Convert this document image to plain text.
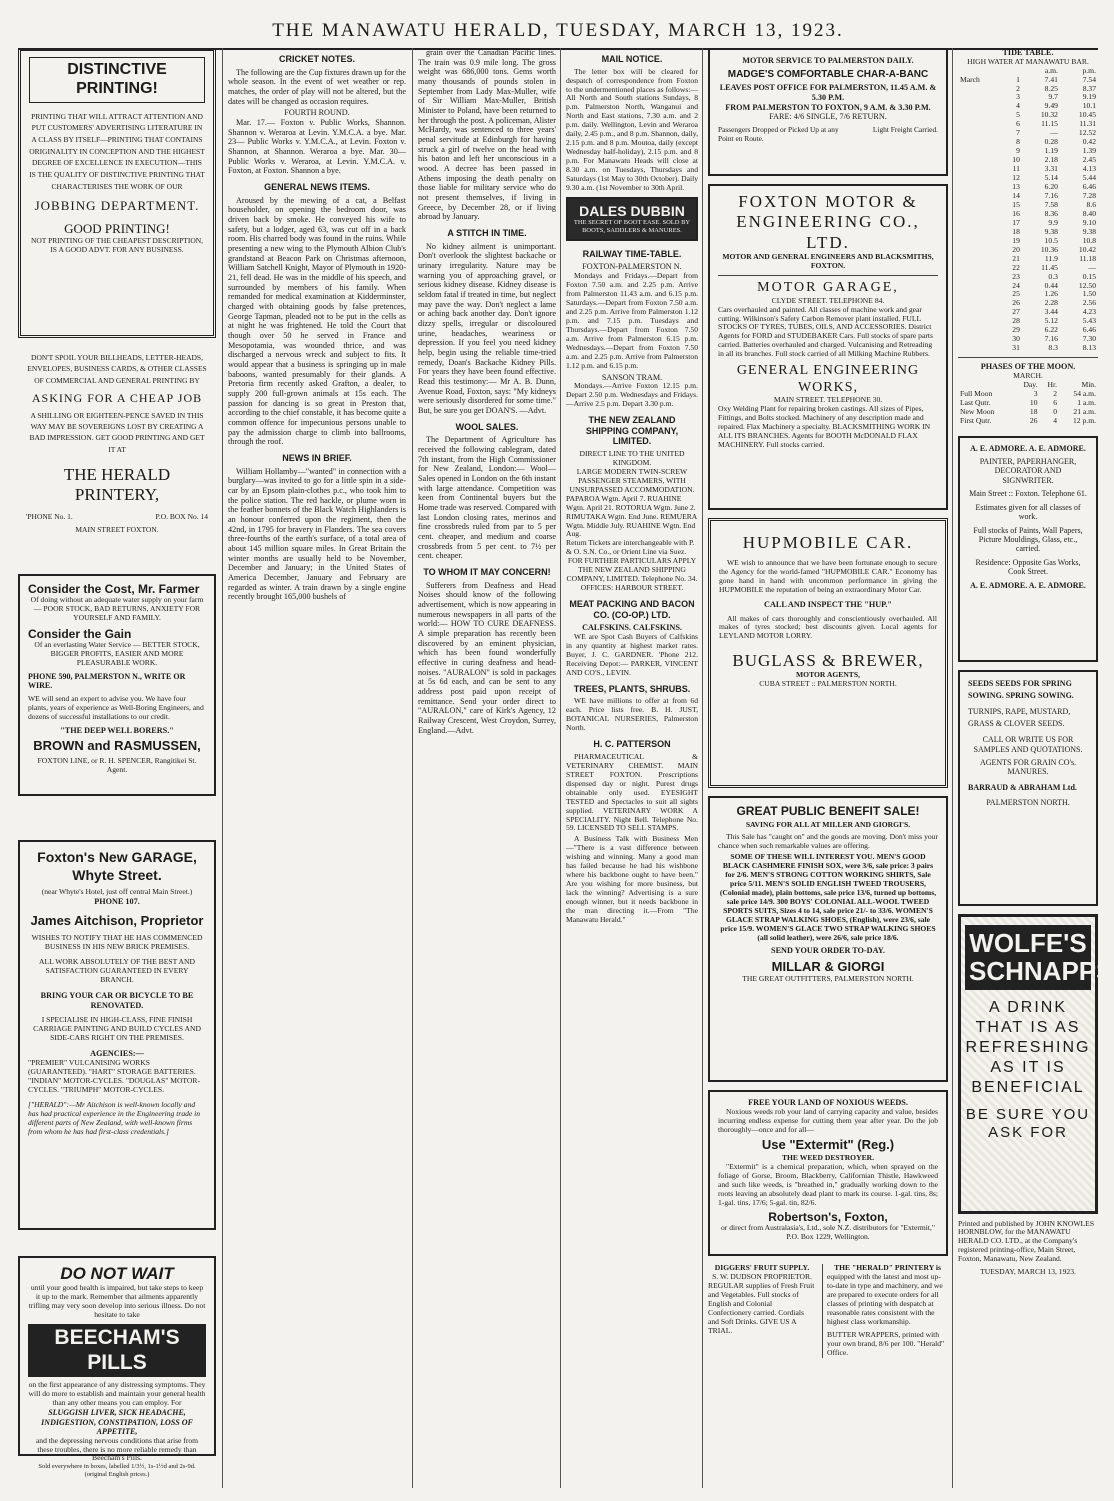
THE MANAWATU HERALD, TUESDAY, MARCH 13, 1923.
DISTINCTIVE PRINTING!
PRINTING THAT WILL ATTRACT ATTENTION AND PUT CUSTOMERS' ADVERTISING LITERATURE IN A CLASS BY ITSELF—PRINTING THAT CONTAINS ORIGINALITY IN CONCEPTION AND THE HIGHEST DEGREE OF EXCELLENCE IN EXECUTION—THIS IS THE QUALITY OF DISTINCTIVE PRINTING THAT CHARACTERISES THE WORK OF OUR
JOBBING DEPARTMENT.
GOOD PRINTING!
NOT PRINTING OF THE CHEAPEST DESCRIPTION, IS A GOOD ADVT. FOR ANY BUSINESS.
DON'T SPOIL YOUR BILLHEADS, LETTER-HEADS, ENVELOPES, BUSINESS CARDS, & OTHER CLASSES OF COMMERCIAL AND GENERAL PRINTING BY
ASKING FOR A CHEAP JOB
A SHILLING OR EIGHTEEN-PENCE SAVED IN THIS WAY MAY BE SOVEREIGNS LOST BY CREATING A BAD IMPRESSION. GET GOOD PRINTING AND GET IT AT
THE HERALD PRINTERY,
'PHONE No. 1.	P.O. BOX No. 14
MAIN STREET FOXTON.
Consider the Cost, Mr. Farmer
Of doing without an adequate water supply on your farm — POOR STOCK, BAD RETURNS, ANXIETY FOR YOURSELF AND FAMILY.
Consider the Gain
Of an everlasting Water Service — BETTER STOCK, BIGGER PROFITS, EASIER AND MORE PLEASURABLE WORK.
PHONE 590, PALMERSTON N., WRITE OR WIRE.
WE will send an expert to advise you. We have four plants, years of experience as Well-Boring Engineers, and dozens of successful installations to our credit.
"THE DEEP WELL BORERS."
BROWN and RASMUSSEN,
FOXTON LINE, or R. H. SPENCER, Rangitikei St. Agent.
Foxton's New GARAGE, Whyte Street.
(near Whyte's Hotel, just off central Main Street.)
PHONE 107.
James Aitchison, Proprietor
WISHES TO NOTIFY THAT HE HAS COMMENCED BUSINESS IN HIS NEW BRICK PREMISES.
ALL WORK ABSOLUTELY OF THE BEST AND SATISFACTION GUARANTEED IN EVERY BRANCH.
BRING YOUR CAR OR BICYCLE TO BE RENOVATED.
I SPECIALISE IN HIGH-CLASS, FINE FINISH CARRIAGE PAINTING AND BUILD CYCLES AND SIDE-CARS RIGHT ON THE PREMISES.
AGENCIES:—
"PREMIER" VULCANISING WORKS (GUARANTEED). "HART" STORAGE BATTERIES. "INDIAN" MOTOR-CYCLES. "DOUGLAS" MOTOR-CYCLES. "TRIUMPH" MOTOR-CYCLES.
["HERALD":—Mr Aitchison is well-known locally and has had practical experience in the Engineering trade in different parts of New Zealand, with well-known firms from whom he has had first-class credentials.]
DO NOT WAIT
until your good health is impaired, but take steps to keep it up to the mark. Remember that ailments apparently trifling may very soon develop into serious illness. Do not hesitate to take
BEECHAM'S PILLS
on the first appearance of any distressing symptoms. They will do more to establish and maintain your general health than any other means you can employ. For
SLUGGISH LIVER, SICK HEADACHE, INDIGESTION, CONSTIPATION, LOSS OF APPETITE,
and the depressing nervous conditions that arise from these troubles, there is no more reliable remedy than Beecham's Pills.
Sold everywhere in boxes, labelled 1/3½, 1s-1½d and 2s-9d. (original English prices.)
CRICKET NOTES.

The following are the Cup fixtures drawn up for the whole season. In the event of wet weather or rep. matches, the order of play will not be altered, but the dates will be changed as occasion requires.

FOURTH ROUND.

Mar. 17.— Foxton v. Public Works, Shannon. Shannon v. Weraroa at Levin. Y.M.C.A. a bye. Mar. 23— Public Works v. Y.M.C.A., at Levin. Foxton v. Shannon, at Shannon. Weraroa a bye. Mar. 30— Public Works v. Weraroa, at Levin. Y.M.C.A. v. Foxton, at Foxton. Shannon a bye.

GENERAL NEWS ITEMS.

Aroused by the mewing of a cat, a Belfast householder, on opening the bedroom door, was driven back by smoke. He conveyed his wife to safety, but a lodger, aged 63, was cut off in a back room. His charred body was found in the ruins. While presenting a new wing to the Plymouth Albion Club's grandstand at Beacon Park on Christmas afternoon, William Satchell Knight, Mayor of Plymouth in 1920-21, fell dead. He was in the middle of his speech, and surrounded by members of his family. When remanded for medical examination at Kidderminster, charged with obtaining goods by false pretences, George Tapman, pleaded not to be put in the cells as at night he was frightened. He told the Court that though over 50 he served in France and Mesopotamia, was wounded thrice, and was discharged a nervous wreck and subject to fits. It would appear that a business is springing up in male baboons, wanted presumably for their glands. A Pretoria firm recently asked Grafton, a dealer, to supply 200 full-grown animals at 15s each. The passion for dancing is so great in Preston that, according to the chief constable, it has become quite a common offence for impecunious persons unable to pay the admission charge to climb into ballrooms, through the roof.

NEWS IN BRIEF.

William Hollamby—"wanted" in connection with a burglary—was invited to go for a little spin in a side-car by an Epsom plain-clothes p.c., who took him to the police station. The red hackle, or plume worn in the feather bonnets of the Black Watch Highlanders is an honour conferred upon the regiment, then the 42nd, in 1795 for bravery in Flanders. The sea covers three-fourths of the earth's surface, of a total area of about 145 million square miles. In Great Britain the winter months are usually held to be November, December and January; in the United States of America December, January and February are regarded as winter. A train drawn by a single engine recently brought 165,000 bushels of

grain over the Canadian Pacific lines. The train was 0.9 mile long. The gross weight was 686,000 tons. Gems worth many thousands of pounds stolen in September from Lady Max-Muller, wife of Sir William Max-Muller, British Minister to Poland, have been returned to her through the post. A policeman, Alister McHardy, was sentenced to three years' penal servitude at Edinburgh for having struck a girl of twelve on the head with his baton and left her unconscious in a wood. A decree has been passed in Athens imposing the death penalty on those liable for military service who do not present themselves, if living in Greece, by December 28, or if living abroad by January.

A STITCH IN TIME.

No kidney ailment is unimportant. Don't overlook the slightest backache or urinary irregularity. Nature may be warning you of approaching gravel, or serious kidney disease. Kidney disease is seldom fatal if treated in time, but neglect may pave the way. Don't neglect a lame or aching back another day. Don't ignore dizzy spells, irregular or discoloured urine, headaches, weariness or depression. If you feel you need kidney help, begin using the reliable time-tried remedy, Doan's Backache Kidney Pills. For years they have been found effective. Read this testimony:— Mr A. B. Dunn, Avenue Road, Foxton, says: "My kidneys were seriously disordered for some time." But, be sure you get DOAN'S. —Advt.

WOOL SALES.

The Department of Agriculture has received the following cablegram, dated 7th instant, from the High Commissioner for New Zealand, London:— Wool—Sales opened in London on the 6th instant with large attendance. Competition was keen from Continental buyers but the Home trade was reserved. Compared with last London closing rates, merinos and fine crossbreds ruled from par to 5 per cent. cheaper, and medium and coarse crossbreds from 5 per cent. to 7½ per cent. cheaper.

TO WHOM IT MAY CONCERN!

Sufferers from Deafness and Head Noises should know of the following advertisement, which is now appearing in numerous newspapers in all parts of the world:— HOW TO CURE DEAFNESS. A simple preparation has recently been discovered by an eminent physician, which has been found wonderfully effective in curing deafness and head-noises. "AURALON" is sold in packages at 5s 6d each, and can be sent to any address post paid upon receipt of remittance. Send your order direct to "AURALON," care of Kirk's Agency, 12 Railway Crescent, West Croydon, Surrey, England.—Advt.

MAIL NOTICE.

The letter box will be cleared for despatch of correspondence from Foxton to the undermentioned places as follows:— All North and South stations Sundays, 8 p.m. Palmerston North, Wanganui and North and East stations, 7.30 a.m. and 2 p.m. daily. Wellington, Levin and Weraroa daily, 2.45 p.m., and 8 p.m. Shannon, daily, 2.15 p.m. and 8 p.m. Moutoa, daily (except Wednesday half-holiday), 2.15 p.m. and 8 p.m. For Manawatu Heads will close at 8.30 a.m. on Tuesdays, Thursdays and Saturdays (1st May to 30th October). Daily 9.30 a.m. (1st November to 30th April.

DALES DUBBIN
THE SECRET OF BOOT EASE. SOLD BY BOOTS, SADDLERS & MANURES.
RAILWAY TIME-TABLE.
FOXTON-PALMERSTON N.

Mondays and Fridays.—Depart from Foxton 7.50 a.m. and 2.25 p.m. Arrive from Palmerston 11.43 a.m. and 6.15 p.m. Saturdays.—Depart from Foxton 7.50 a.m. and 2.25 p.m. Arrive from Palmerston 1.12 p.m. and 7.15 p.m. Tuesdays and Thursdays.—Depart from Foxton 7.50 a.m. Arrive from Palmerston 6.15 p.m. Wednesdays.—Depart from Foxton 7.50 a.m. and 2.25 p.m. Arrive from Palmerston 1.12 p.m. and 6.15 p.m.

SANSON TRAM.

Mondays.—Arrive Foxton 12.15 p.m. Depart 2.50 p.m. Wednesdays and Fridays.—Arrive 2.5 p.m. Depart 3.30 p.m.

THE NEW ZEALAND SHIPPING COMPANY, LIMITED.
DIRECT LINE TO THE UNITED KINGDOM.
LARGE MODERN TWIN-SCREW PASSENGER STEAMERS, WITH UNSURPASSED ACCOMMODATION.
PAPAROA Wgtn. April 7. RUAHINE Wgtn. April 21. ROTORUA Wgtn. June 2. RIMUTAKA Wgtn. End June. REMUERA Wgtn. Middle July. RUAHINE Wgtn. End Aug.
Return Tickets are interchangeable with P. & O. S.N. Co., or Orient Line via Suez.
FOR FURTHER PARTICULARS APPLY THE NEW ZEALAND SHIPPING COMPANY, LIMITED. Telephone No. 34. OFFICES: HARBOUR STREET.
MEAT PACKING AND BACON CO. (CO-OP.) LTD.
CALFSKINS. CALFSKINS.

WE are Spot Cash Buyers of Calfskins in any quantity at highest market rates. Buyer, J. C. GARDNER. 'Phone 212. Receiving Depot:— PARKER, VINCENT AND CO'S., LEVIN.

TREES, PLANTS, SHRUBS.

WE have millions to offer at from 6d each. Price lists free. B. H. JUST, BOTANICAL NURSERIES, Palmerston North.

H. C. PATTERSON

PHARMACEUTICAL & VETERINARY CHEMIST. MAIN STREET FOXTON. Prescriptions dispensed day or night. Purest drugs obtainable only used. EYESIGHT TESTED and Spectacles to suit all sights supplied. VETERINARY WORK A SPECIALITY. Night Bell. Telephone No. 59. LICENSED TO SELL STAMPS.

A Business Talk with Business Men—"There is a vast difference between wishing and winning. Many a good man has failed because he had his wishbone where his backbone ought to have been." Are you wishing for more business, but lack the winning? Advertising is a sure enough winner, but it needs backbone in the man directing it.—From "The Manawatu Herald."

MOTOR SERVICE TO PALMERSTON DAILY.
MADGE'S COMFORTABLE CHAR-A-BANC
LEAVES POST OFFICE FOR PALMERSTON, 11.45 A.M. & 5.30 P.M.
FROM PALMERSTON TO FOXTON, 9 A.M. & 3.30 P.M.
FARE: 4/6 SINGLE, 7/6 RETURN.
Passengers Dropped or Picked Up at any Point en Route.
Light Freight Carried.
FOXTON MOTOR & ENGINEERING CO., LTD.
MOTOR AND GENERAL ENGINEERS AND BLACKSMITHS, FOXTON.
MOTOR GARAGE,
CLYDE STREET. TELEPHONE 84.
Cars overhauled and painted. All classes of machine work and gear cutting. Wilkinson's Safety Carbon Remover plant installed. FULL STOCKS OF TYRES, TUBES, OILS, AND ACCESSORIES. District Agents for FORD and STUDEBAKER Cars. Full stocks of spare parts carried. Batteries overhauled and charged. Vulcanising and Retreading in all its branches. Full stock carried of all Milking Machine Rubbers.
GENERAL ENGINEERING WORKS,
MAIN STREET. TELEPHONE 30.
Oxy Welding Plant for repairing broken castings. All sizes of Pipes, Fittings, and Bolts stocked. Machinery of any description made and repaired. Flax Machinery a specialty. BLACKSMITHING WORK IN ALL ITS BRANCHES. Agents for BOOTH McDONALD FLAX MACHINERY. Full stocks carried.
HUPMOBILE CAR.

WE wish to announce that we have been fortunate enough to secure the Agency for the world-famed "HUPMOBILE CAR." Economy has gone hand in hand with uncommon performance in giving the HUPMOBILE the reputation of being an extraordinary Motor Car.

CALL AND INSPECT THE "HUP."

All makes of cars thoroughly and conscientiously overhauled. All makes of tyres stocked; best discounts given. Local agents for LEYLAND MOTOR LORRY.

BUGLASS & BREWER,
MOTOR AGENTS,
CUBA STREET :: PALMERSTON NORTH.
GREAT PUBLIC BENEFIT SALE!
SAVING FOR ALL AT MILLER AND GIORGI'S.

This Sale has "caught on" and the goods are moving. Don't miss your chance when such remarkable values are offering.

SOME OF THESE WILL INTEREST YOU. MEN'S GOOD BLACK CASHMERE FINISH SOX, were 3/6, sale price: 3 pairs for 2/6. MEN'S STRONG COTTON WORKING SHIRTS, Sale price 5/11. MEN'S SOLID ENGLISH TWEED TROUSERS, (Colonial made), plain bottoms, sale price 13/6, turned up bottoms, sale price 14/9. 300 BOYS' COLONIAL ALL-WOOL TWEED SPORTS SUITS, Sizes 4 to 14, sale price 21/- to 33/6. WOMEN'S GLACE STRAP WALKING SHOES, (English), were 23/6, sale price 15/9. WOMEN'S GLACE TWO STRAP WALKING SHOES (all solid leather), were 26/6, sale price 18/6.
SEND YOUR ORDER TO-DAY.
MILLAR & GIORGI
THE GREAT OUTFITTERS, PALMERSTON NORTH.
FREE YOUR LAND OF NOXIOUS WEEDS.

Noxious weeds rob your land of carrying capacity and value, besides incurring endless expense for cutting them year after year. Do the job thoroughly—once and for all—

Use "Extermit" (Reg.)
THE WEED DESTROYER.

"Extermit" is a chemical preparation, which, when sprayed on the foliage of Gorse, Broom, Blackberry, Californian Thistle, Hawkweed and such like weeds, is "breathed in," gradually working down to the roots leaving an absolutely dead plant to mark its course. 1-gal. tins, 8s; 1-gal. tins, 17/6; 5-gal. tin, 82/6.

Robertson's, Foxton,
or direct from Australasia's, Ltd., sole N.Z. distributors for "Extermit," P.O. Box 1229, Wellington.
DIGGERS' FRUIT SUPPLY.
S. W. DUDSON PROPRIETOR.
REGULAR supplies of Fresh Fruit and Vegetables. Full stocks of English and Colonial Confectionery carried. Cordials and Soft Drinks. GIVE US A TRIAL.
THE "HERALD" PRINTERY is
equipped with the latest and most up-to-date in type and machinery, and we are prepared to execute orders for all classes of printing with despatch at reasonable rates consistent with the highest class workmanship.
BUTTER WRAPPERS, printed with your own brand, 8/6 per 100. "Herald" Office.
TIDE TABLE.
HIGH WATER AT MANAWATU BAR.
		a.m.	p.m.
March	1	7.41	7.54
	2	8.25	8.37
	3	9.7	9.19
	4	9.49	10.1
	5	10.32	10.45
	6	11.15	11.31
	7	—	12.52
	8	0.28	0.42
	9	1.19	1.39
	10	2.18	2.45
	11	3.31	4.13
	12	5.14	5.44
	13	6.20	6.46
	14	7.16	7.28
	15	7.58	8.6
	16	8.36	8.40
	17	9.9	9.10
	18	9.38	9.38
	19	10.5	10.8
	20	10.36	10.42
	21	11.9	11.18
	22	11.45	—
	23	0.3	0.15
	24	0.44	12.50
	25	1.26	1.50
	26	2.28	2.56
	27	3.44	4.23
	28	5.12	5.43
	29	6.22	6.46
	30	7.16	7.30
	31	8.3	8.13
PHASES OF THE MOON.
MARCH.
	Day.	Hr.	Min.
Full Moon	3	2	54 a.m.
Last Qutr.	10	6	1 a.m.
New Moon	18	0	21 a.m.
First Qutr.	26	4	12 p.m.
A. E. ADMORE. A. E. ADMORE.
PAINTER, PAPERHANGER, DECORATOR AND SIGNWRITER.
Main Street :: Foxton. Telephone 61.
Estimates given for all classes of work.
Full stocks of Paints, Wall Papers, Picture Mouldings, Glass, etc., carried.
Residence: Opposite Gas Works, Cook Street.
A. E. ADMORE. A. E. ADMORE.
SEEDS SEEDS FOR SPRING SOWING. SPRING SOWING.
TURNIPS, RAPE, MUSTARD, GRASS & CLOVER SEEDS.
CALL OR WRITE US FOR SAMPLES AND QUOTATIONS.
AGENTS FOR GRAIN CO's. MANURES.
BARRAUD & ABRAHAM Ltd.
PALMERSTON NORTH.
WOLFE'S SCHNAPPS
A DRINK THAT IS AS REFRESHING AS IT IS BENEFICIAL
BE SURE YOU ASK FOR
Printed and published by JOHN KNOWLES HORNBLOW, for the MANAWATU HERALD CO. LTD., at the Company's registered printing-office, Main Street, Foxton, Manawatu, New Zealand.
TUESDAY, MARCH 13, 1923.
